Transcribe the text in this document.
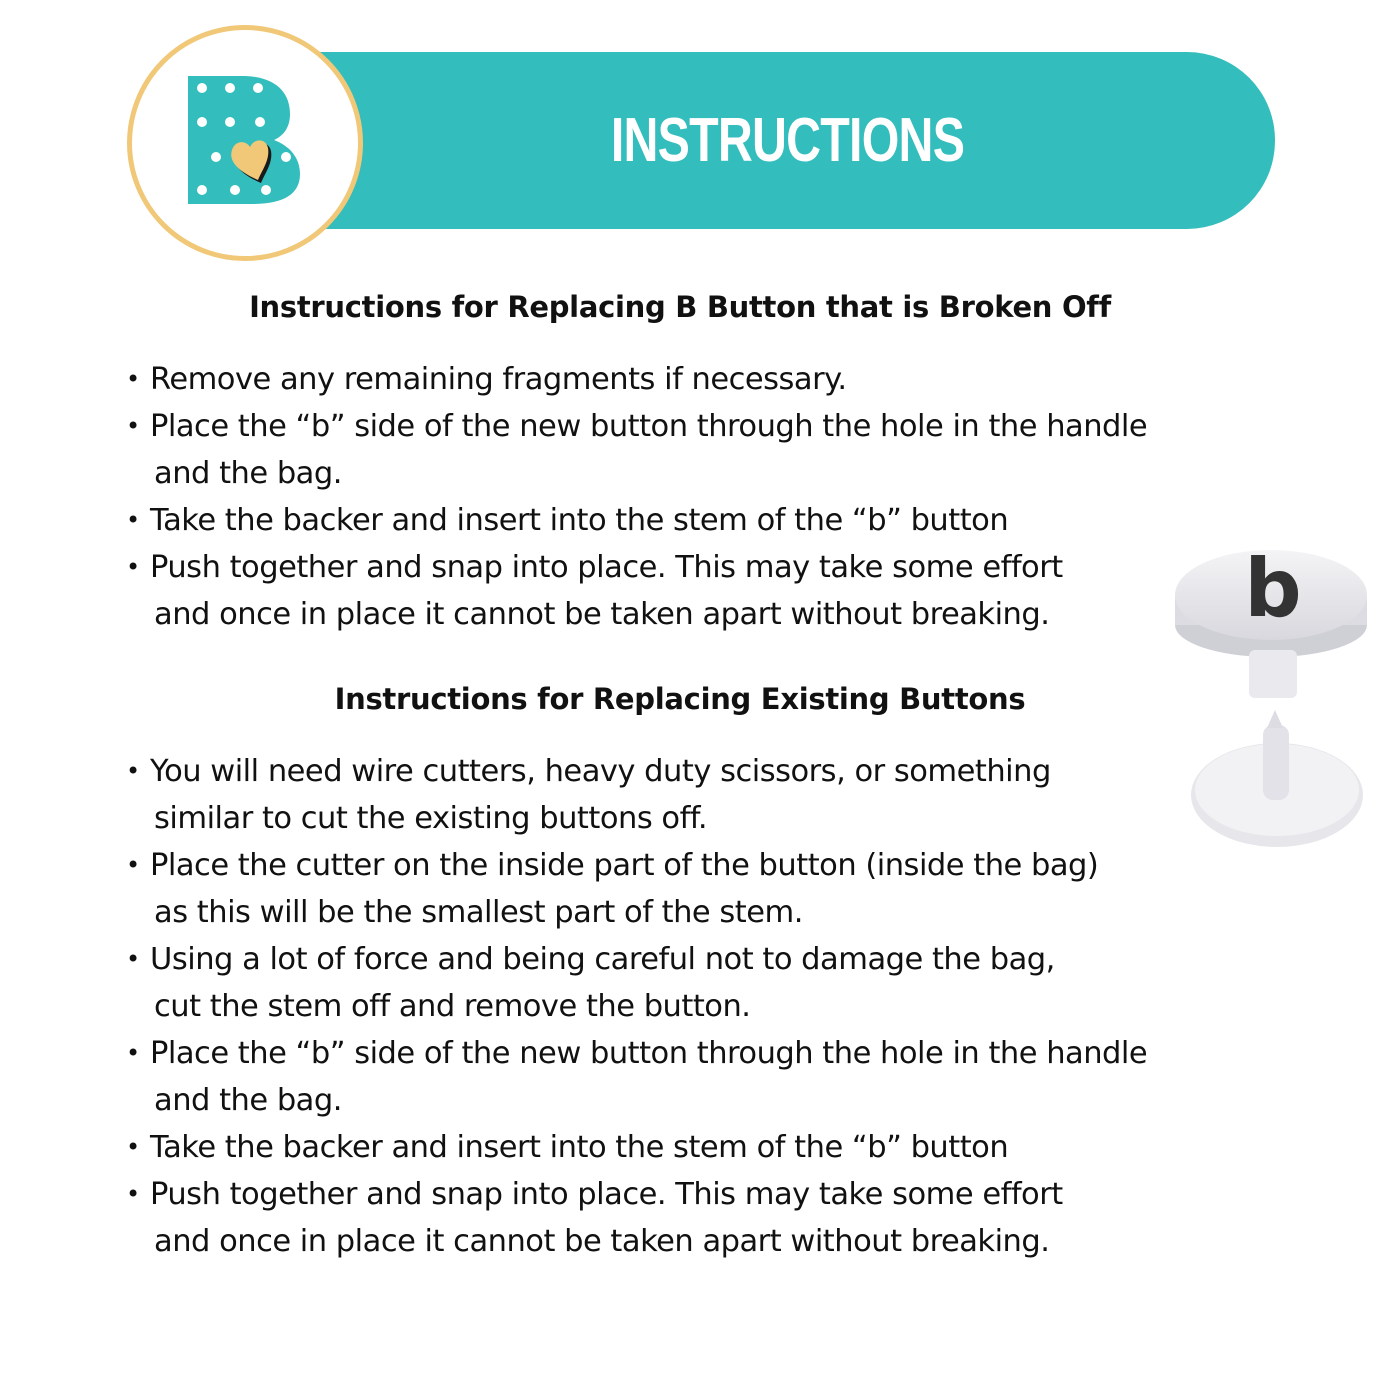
INSTRUCTIONS
Instructions for Replacing B Button that is Broken Off
• Remove any remaining fragments if necessary.
• Place the “b” side of the new button through the hole in the handle
and the bag.
• Take the backer and insert into the stem of the “b” button
• Push together and snap into place. This may take some effort
and once in place it cannot be taken apart without breaking.
Instructions for Replacing Existing Buttons
• You will need wire cutters, heavy duty scissors, or something
similar to cut the existing buttons off.
• Place the cutter on the inside part of the button (inside the bag)
as this will be the smallest part of the stem.
• Using a lot of force and being careful not to damage the bag,
cut the stem off and remove the button.
• Place the “b” side of the new button through the hole in the handle
and the bag.
• Take the backer and insert into the stem of the “b” button
• Push together and snap into place. This may take some effort
and once in place it cannot be taken apart without breaking.
b
